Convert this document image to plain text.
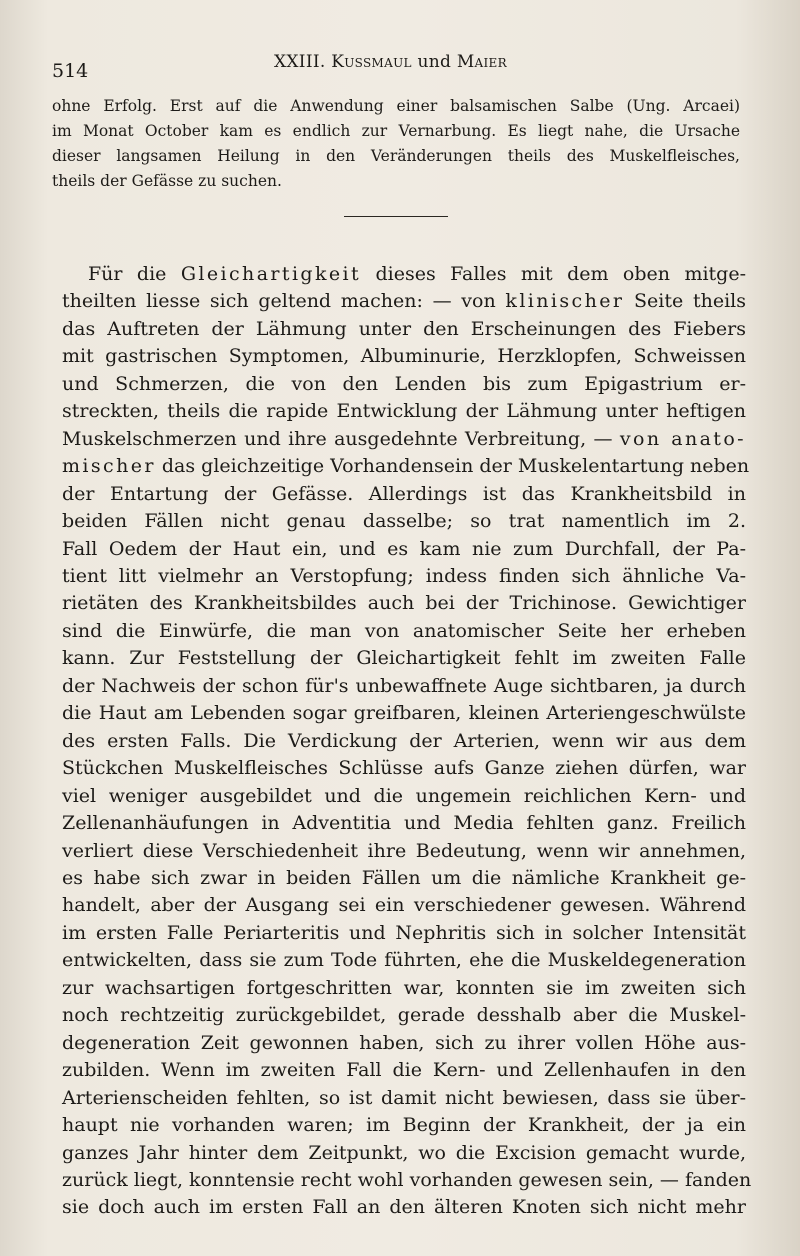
514	XXIII. Kussmaul und Maier
ohne Erfolg. Erst auf die Anwendung einer balsamischen Salbe (Ung. Arcaei)
im Monat October kam es endlich zur Vernarbung. Es liegt nahe, die Ursache
dieser langsamen Heilung in den Veränderungen theils des Muskelfleisches,
theils der Gefässe zu suchen.
Für die Gleichartigkeit dieses Falles mit dem oben mitge-
theilten liesse sich geltend machen: — von klinischer Seite theils
das Auftreten der Lähmung unter den Erscheinungen des Fiebers
mit gastrischen Symptomen, Albuminurie, Herzklopfen, Schweissen
und Schmerzen, die von den Lenden bis zum Epigastrium er-
streckten, theils die rapide Entwicklung der Lähmung unter heftigen
Muskelschmerzen und ihre ausgedehnte Verbreitung, — von anato-
mischer das gleichzeitige Vorhandensein der Muskelentartung neben
der Entartung der Gefässe. Allerdings ist das Krankheitsbild in
beiden Fällen nicht genau dasselbe; so trat namentlich im 2.
Fall Oedem der Haut ein, und es kam nie zum Durchfall, der Pa-
tient litt vielmehr an Verstopfung; indess finden sich ähnliche Va-
rietäten des Krankheitsbildes auch bei der Trichinose. Gewichtiger
sind die Einwürfe, die man von anatomischer Seite her erheben
kann. Zur Feststellung der Gleichartigkeit fehlt im zweiten Falle
der Nachweis der schon für's unbewaffnete Auge sichtbaren, ja durch
die Haut am Lebenden sogar greifbaren, kleinen Arteriengeschwülste
des ersten Falls. Die Verdickung der Arterien, wenn wir aus dem
Stückchen Muskelfleisches Schlüsse aufs Ganze ziehen dürfen, war
viel weniger ausgebildet und die ungemein reichlichen Kern- und
Zellenanhäufungen in Adventitia und Media fehlten ganz. Freilich
verliert diese Verschiedenheit ihre Bedeutung, wenn wir annehmen,
es habe sich zwar in beiden Fällen um die nämliche Krankheit ge-
handelt, aber der Ausgang sei ein verschiedener gewesen. Während
im ersten Falle Periarteritis und Nephritis sich in solcher Intensität
entwickelten, dass sie zum Tode führten, ehe die Muskeldegeneration
zur wachsartigen fortgeschritten war, konnten sie im zweiten sich
noch rechtzeitig zurückgebildet, gerade desshalb aber die Muskel-
degeneration Zeit gewonnen haben, sich zu ihrer vollen Höhe aus-
zubilden. Wenn im zweiten Fall die Kern- und Zellenhaufen in den
Arterienscheiden fehlten, so ist damit nicht bewiesen, dass sie über-
haupt nie vorhanden waren; im Beginn der Krankheit, der ja ein
ganzes Jahr hinter dem Zeitpunkt, wo die Excision gemacht wurde,
zurück liegt, konntensie recht wohl vorhanden gewesen sein, — fanden
sie doch auch im ersten Fall an den älteren Knoten sich nicht mehr
